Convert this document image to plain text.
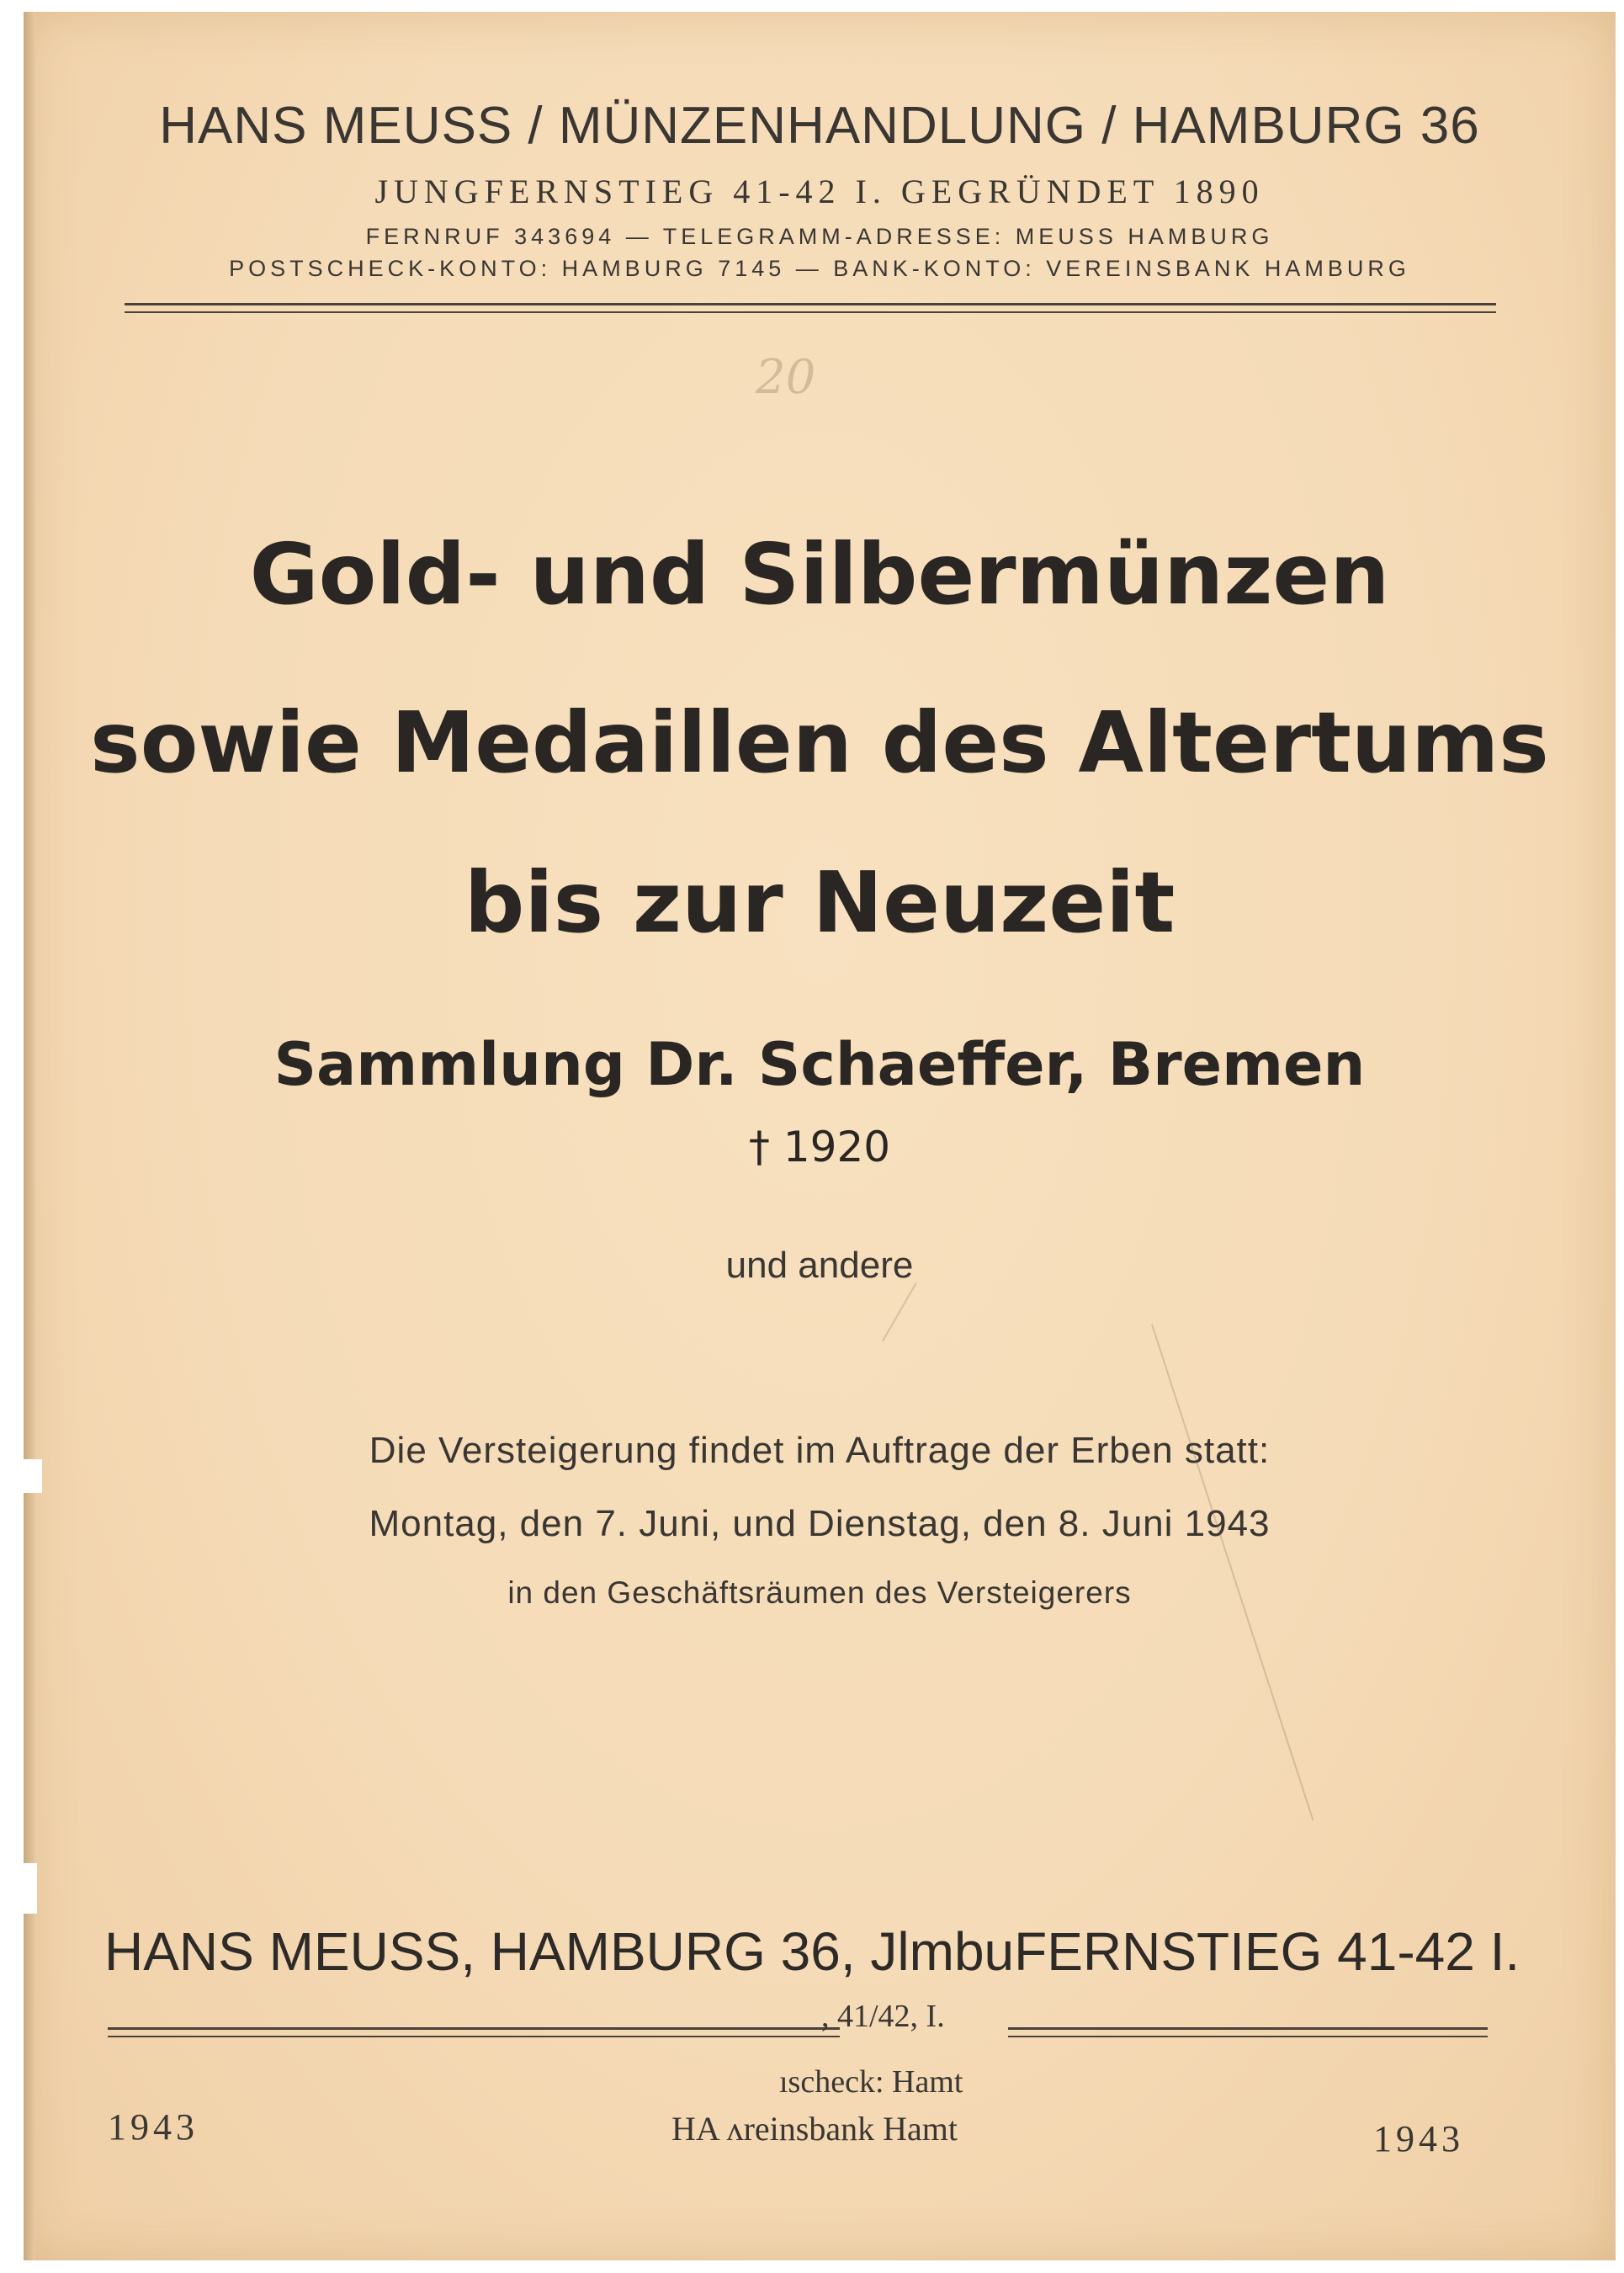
HANS MEUSS / MÜNZENHANDLUNG / HAMBURG 36
JUNGFERNSTIEG 41-42 I. GEGRÜNDET 1890
FERNRUF 343694 — TELEGRAMM-ADRESSE: MEUSS HAMBURG
POSTSCHECK-KONTO: HAMBURG 7145 — BANK-KONTO: VEREINSBANK HAMBURG
20
Gold- und Silbermünzen
sowie Medaillen des Altertums
bis zur Neuzeit
Sammlung Dr. Schaeffer, Bremen
† 1920
und andere
Die Versteigerung findet im Auftrage der Erben statt:
Montag, den 7. Juni, und Dienstag, den 8. Juni 1943
in den Geschäftsräumen des Versteigerers
HANS MEUSS, HAMBURG 36, JlmbuFERNSTIEG 41-42 I.
, 41/42, I.
ıscheck: Hamt
HA ʌreinsbank Hamt
1943	1943
